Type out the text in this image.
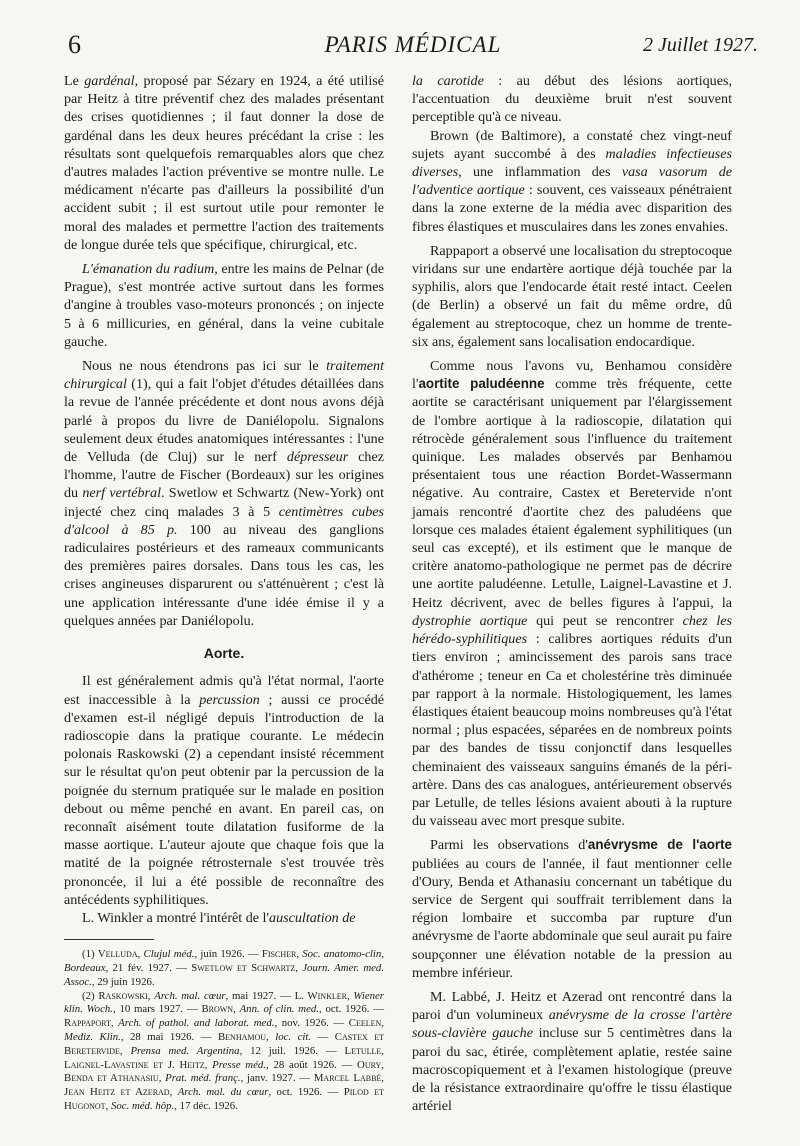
6	PARIS MÉDICAL	2 Juillet 1927.

Le gardénal, proposé par Sézary en 1924, a été utilisé par Heitz à titre préventif chez des malades présentant des crises quotidiennes ; il faut donner la dose de gardénal dans les deux heures précédant la crise : les résultats sont quelquefois remarquables alors que chez d'autres malades l'action préventive se montre nulle. Le médicament n'écarte pas d'ailleurs la possibilité d'un accident subit ; il est surtout utile pour remonter le moral des malades et permettre l'action des traitements de longue durée tels que spécifique, chirurgical, etc.

L'émanation du radium, entre les mains de Pelnar (de Prague), s'est montrée active surtout dans les formes d'angine à troubles vaso-moteurs prononcés ; on injecte 5 à 6 millicuries, en général, dans la veine cubitale gauche.

Nous ne nous étendrons pas ici sur le traitement chirurgical (1), qui a fait l'objet d'études détaillées dans la revue de l'année précédente et dont nous avons déjà parlé à propos du livre de Daniélopolu. Signalons seulement deux études anatomiques intéressantes : l'une de Velluda (de Cluj) sur le nerf dépresseur chez l'homme, l'autre de Fischer (Bordeaux) sur les origines du nerf vertébral. Swetlow et Schwartz (New-York) ont injecté chez cinq malades 3 à 5 centimètres cubes d'alcool à 85 p. 100 au niveau des ganglions radiculaires postérieurs et des rameaux communicants des premières paires dorsales. Dans tous les cas, les crises angineuses disparurent ou s'atténuèrent ; c'est là une application intéressante d'une idée émise il y a quelques années par Daniélopolu.

Aorte.

Il est généralement admis qu'à l'état normal, l'aorte est inaccessible à la percussion ; aussi ce procédé d'examen est-il négligé depuis l'introduction de la radioscopie dans la pratique courante. Le médecin polonais Raskowski (2) a cependant insisté récemment sur le résultat qu'on peut obtenir par la percussion de la poignée du sternum pratiquée sur le malade en position debout ou même penché en avant. En pareil cas, on reconnaît aisément toute dilatation fusiforme de la masse aortique. L'auteur ajoute que chaque fois que la matité de la poignée rétrosternale s'est trouvée très prononcée, il lui a été possible de reconnaître des antécédents syphilitiques.

L. Winkler a montré l'intérêt de l'auscultation de

(1) Velluda, Clujul méd., juin 1926. — Fischer, Soc. anatomo-clin, Bordeaux, 21 fév. 1927. — Swetlow et Schwartz, Journ. Amer. med. Assoc., 29 juin 1926.

(2) Raskowski, Arch. mal. cœur, mai 1927. — L. Winkler, Wiener klin. Woch., 10 mars 1927. — Brown, Ann. of clin. med., oct. 1926. — Rappaport, Arch. of pathol. and laborat. med., nov. 1926. — Ceelen, Mediz. Klin., 28 mai 1926. — Benhamou, loc. cit. — Castex et Beretervide, Prensa med. Argentina, 12 juil. 1926. — Letulle, Laignel-Lavastine et J. Heitz, Presse méd., 28 août 1926. — Oury, Benda et Athanasiu, Prat. méd. franç., janv. 1927. — Marcel Labbé, Jean Heitz et Azerad, Arch. mal. du cœur, oct. 1926. — Pilod et Hugonot, Soc. méd. hôp., 17 déc. 1926.

la carotide : au début des lésions aortiques, l'accentuation du deuxième bruit n'est souvent perceptible qu'à ce niveau.

Brown (de Baltimore), a constaté chez vingt-neuf sujets ayant succombé à des maladies infectieuses diverses, une inflammation des vasa vasorum de l'adventice aortique : souvent, ces vaisseaux pénétraient dans la zone externe de la média avec disparition des fibres élastiques et musculaires dans les zones envahies.

Rappaport a observé une localisation du streptocoque viridans sur une endartère aortique déjà touchée par la syphilis, alors que l'endocarde était resté intact. Ceelen (de Berlin) a observé un fait du même ordre, dû également au streptocoque, chez un homme de trente-six ans, également sans localisation endocardique.

Comme nous l'avons vu, Benhamou considère l'aortite paludéenne comme très fréquente, cette aortite se caractérisant uniquement par l'élargissement de l'ombre aortique à la radioscopie, dilatation qui rétrocède généralement sous l'influence du traitement quinique. Les malades observés par Benhamou présentaient tous une réaction Bordet-Wassermann négative. Au contraire, Castex et Beretervide n'ont jamais rencontré d'aortite chez des paludéens que lorsque ces malades étaient également syphilitiques (un seul cas excepté), et ils estiment que le manque de critère anatomo-pathologique ne permet pas de décrire une aortite paludéenne. Letulle, Laignel-Lavastine et J. Heitz décrivent, avec de belles figures à l'appui, la dystrophie aortique qui peut se rencontrer chez les hérédo-syphilitiques : calibres aortiques réduits d'un tiers environ ; amincissement des parois sans trace d'athérome ; teneur en Ca et cholestérine très diminuée par rapport à la normale. Histologiquement, les lames élastiques étaient beaucoup moins nombreuses qu'à l'état normal ; plus espacées, séparées en de nombreux points par des bandes de tissu conjonctif dans lesquelles cheminaient des vaisseaux sanguins émanés de la péri-artère. Dans des cas analogues, antérieurement observés par Letulle, de telles lésions avaient abouti à la rupture du vaisseau avec mort presque subite.

Parmi les observations d'anévrysme de l'aorte publiées au cours de l'année, il faut mentionner celle d'Oury, Benda et Athanasiu concernant un tabétique du service de Sergent qui souffrait terriblement dans la région lombaire et succomba par rupture d'un anévrysme de l'aorte abdominale que seul aurait pu faire soupçonner une élévation notable de la pression au membre inférieur.

M. Labbé, J. Heitz et Azerad ont rencontré dans la paroi d'un volumineux anévrysme de la crosse l'artère sous-clavière gauche incluse sur 5 centimètres dans la paroi du sac, étirée, complètement aplatie, restée saine macroscopiquement et à l'examen histologique (preuve de la résistance extraordinaire qu'offre le tissu élastique artériel
